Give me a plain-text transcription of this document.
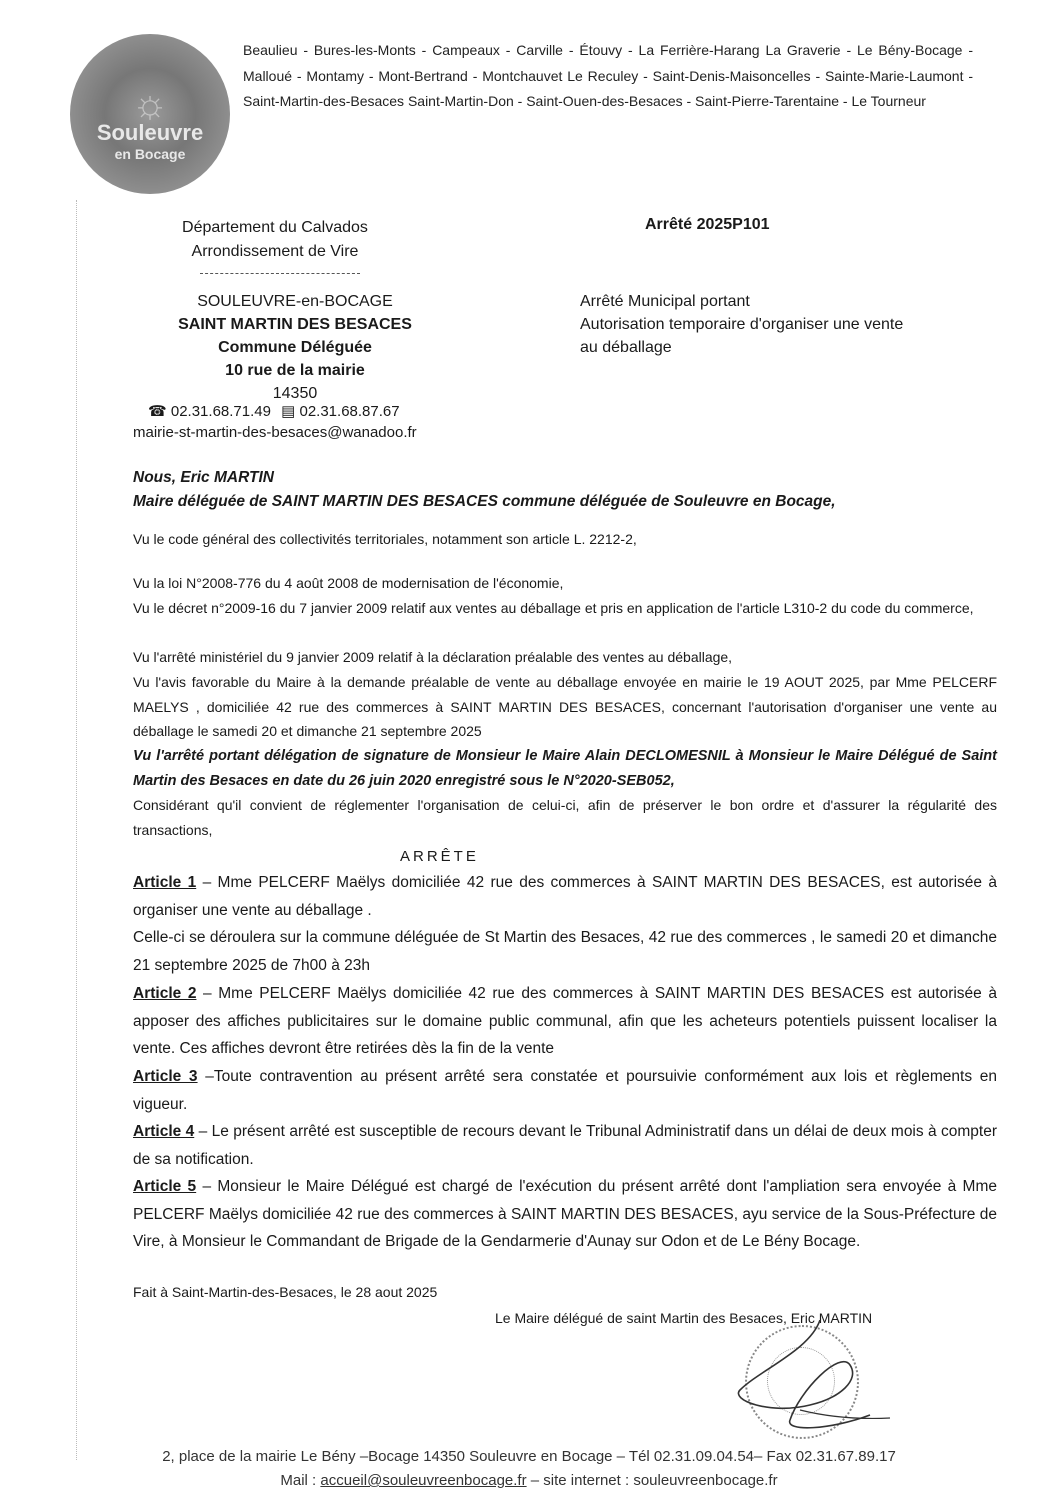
☼
Souleuvre
en Bocage
Beaulieu - Bures-les-Monts - Campeaux - Carville - Étouvy - La Ferrière-Harang La Graverie - Le Bény-Bocage - Malloué - Montamy - Mont-Bertrand - Montchauvet Le Reculey - Saint-Denis-Maisoncelles - Sainte-Marie-Laumont - Saint-Martin-des-Besaces Saint-Martin-Don - Saint-Ouen-des-Besaces - Saint-Pierre-Tarentaine - Le Tourneur
Département du Calvados
Arrondissement de Vire
SOULEUVRE-en-BOCAGE
SAINT MARTIN DES BESACES
Commune Déléguée
10 rue de la mairie
14350
☎ 02.31.68.71.49 ▤ 02.31.68.87.67
mairie-st-martin-des-besaces@wanadoo.fr
Arrêté 2025P101
Arrêté Municipal portant
Autorisation temporaire d'organiser une vente
au déballage
Nous, Eric MARTIN
Maire déléguée de SAINT MARTIN DES BESACES commune déléguée de Souleuvre en Bocage,
Vu le code général des collectivités territoriales, notamment son article L. 2212-2,
Vu la loi N°2008-776 du 4 août 2008 de modernisation de l'économie,
Vu le décret n°2009-16 du 7 janvier 2009 relatif aux ventes au déballage et pris en application de l'article L310-2 du code du commerce,
Vu l'arrêté ministériel du 9 janvier 2009 relatif à la déclaration préalable des ventes au déballage,
Vu l'avis favorable du Maire à la demande préalable de vente au déballage envoyée en mairie le 19 AOUT 2025, par Mme PELCERF MAELYS , domiciliée 42 rue des commerces à SAINT MARTIN DES BESACES, concernant l'autorisation d'organiser une vente au déballage le samedi 20 et dimanche 21 septembre 2025
Vu l'arrêté portant délégation de signature de Monsieur le Maire Alain DECLOMESNIL à Monsieur le Maire Délégué de Saint Martin des Besaces en date du 26 juin 2020 enregistré sous le N°2020-SEB052,
Considérant qu'il convient de réglementer l'organisation de celui-ci, afin de préserver le bon ordre et d'assurer la régularité des transactions,
ARRÊTE
Article 1 – Mme PELCERF Maëlys domiciliée 42 rue des commerces à SAINT MARTIN DES BESACES, est autorisée à organiser une vente au déballage .
Celle-ci se déroulera sur la commune déléguée de St Martin des Besaces, 42 rue des commerces , le samedi 20 et dimanche 21 septembre 2025 de 7h00 à 23h
Article 2 – Mme PELCERF Maëlys domiciliée 42 rue des commerces à SAINT MARTIN DES BESACES est autorisée à apposer des affiches publicitaires sur le domaine public communal, afin que les acheteurs potentiels puissent localiser la vente. Ces affiches devront être retirées dès la fin de la vente
Article 3 –Toute contravention au présent arrêté sera constatée et poursuivie conformément aux lois et règlements en vigueur.
Article 4 – Le présent arrêté est susceptible de recours devant le Tribunal Administratif dans un délai de deux mois à compter de sa notification.
Article 5 – Monsieur le Maire Délégué est chargé de l'exécution du présent arrêté dont l'ampliation sera envoyée à Mme PELCERF Maëlys domiciliée 42 rue des commerces à SAINT MARTIN DES BESACES, ayu service de la Sous-Préfecture de Vire, à Monsieur le Commandant de Brigade de la Gendarmerie d'Aunay sur Odon et de Le Bény Bocage.
Fait à Saint-Martin-des-Besaces, le 28 aout 2025
Le Maire délégué de saint Martin des Besaces, Eric MARTIN
2, place de la mairie Le Bény –Bocage 14350 Souleuvre en Bocage – Tél 02.31.09.04.54– Fax 02.31.67.89.17
Mail : accueil@souleuvreenbocage.fr – site internet : souleuvreenbocage.fr
